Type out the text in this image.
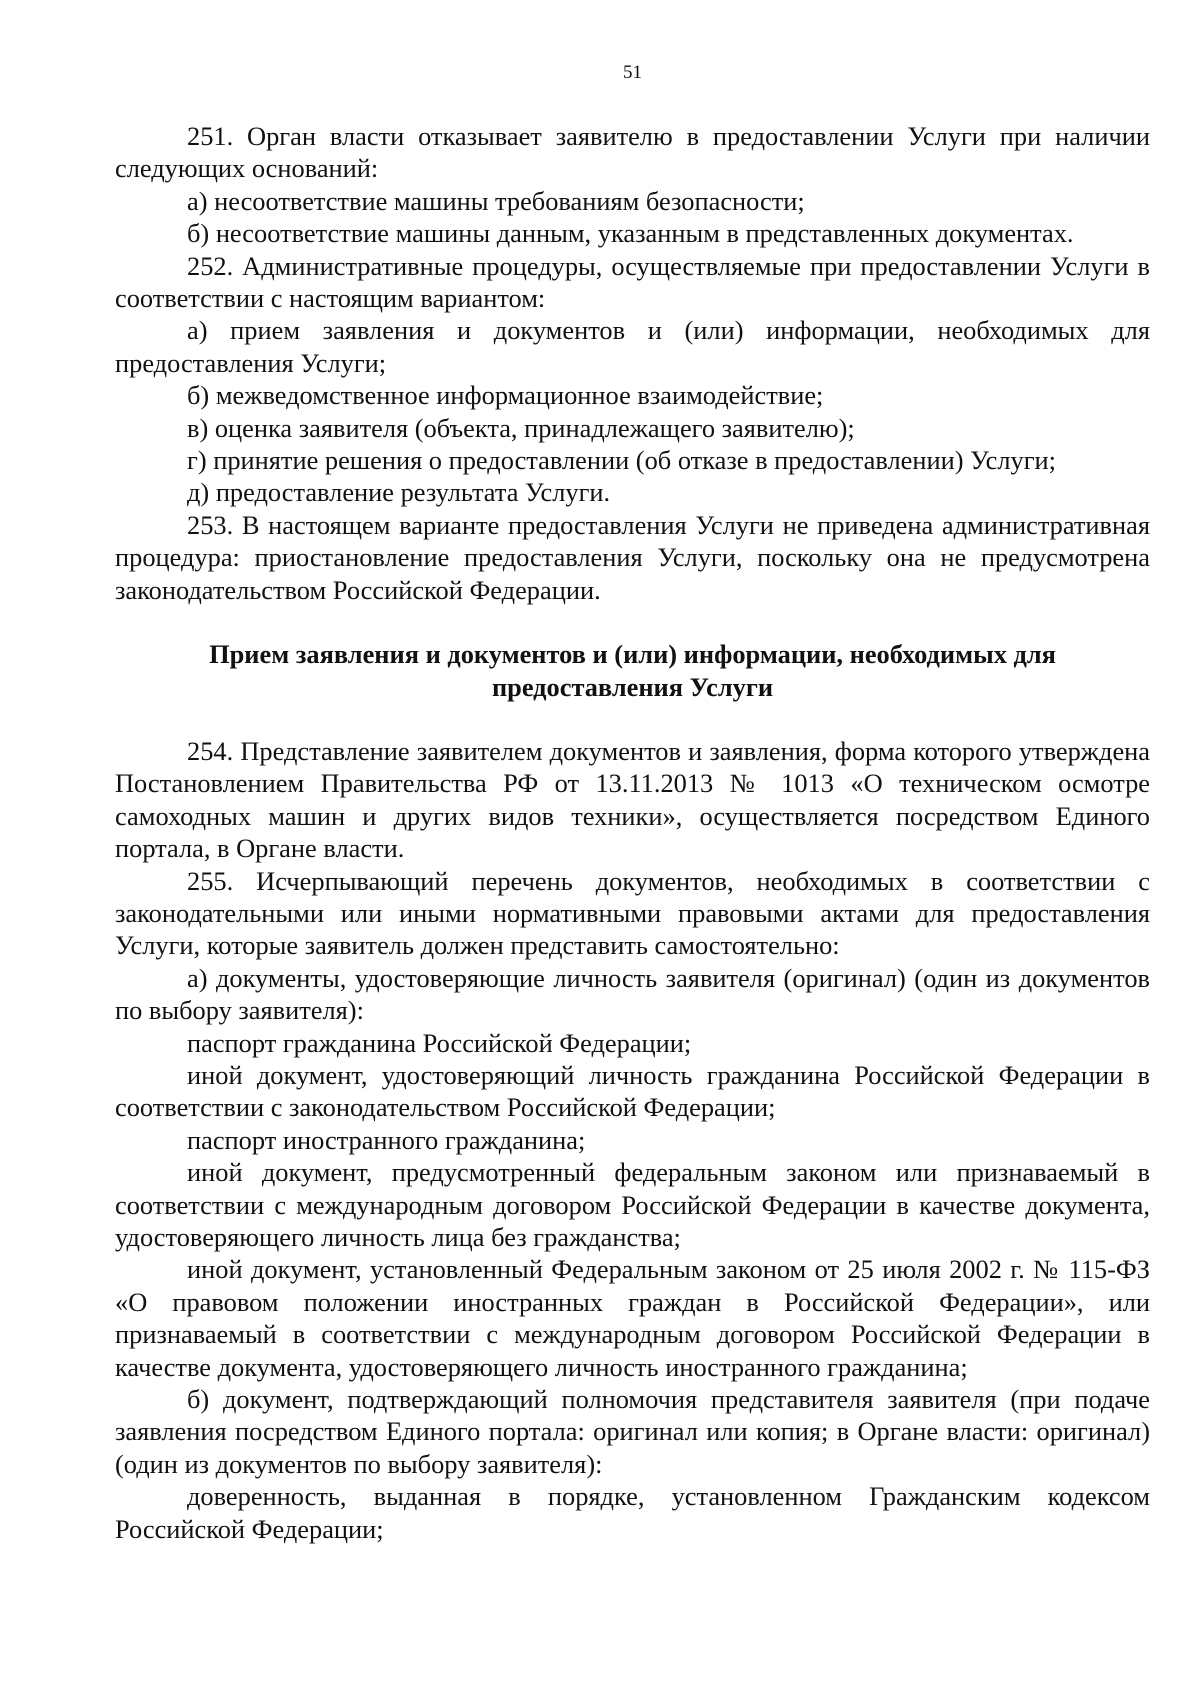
51

251. Орган власти отказывает заявителю в предоставлении Услуги при наличии следующих оснований:

а) несоответствие машины требованиям безопасности;

б) несоответствие машины данным, указанным в представленных документах.

252. Административные процедуры, осуществляемые при предоставлении Услуги в соответствии с настоящим вариантом:

а) прием заявления и документов и (или) информации, необходимых для предоставления Услуги;

б) межведомственное информационное взаимодействие;

в) оценка заявителя (объекта, принадлежащего заявителю);

г) принятие решения о предоставлении (об отказе в предоставлении) Услуги;

д) предоставление результата Услуги.

253. В настоящем варианте предоставления Услуги не приведена административная процедура: приостановление предоставления Услуги, поскольку она не предусмотрена законодательством Российской Федерации.

Прием заявления и документов и (или) информации, необходимых для
предоставления Услуги

254. Представление заявителем документов и заявления, форма которого утверждена Постановлением Правительства РФ от 13.11.2013 № 1013 «О техническом осмотре самоходных машин и других видов техники», осуществляется посредством Единого портала, в Органе власти.

255. Исчерпывающий перечень документов, необходимых в соответствии с законодательными или иными нормативными правовыми актами для предоставления Услуги, которые заявитель должен представить самостоятельно:

а) документы, удостоверяющие личность заявителя (оригинал) (один из документов по выбору заявителя):

паспорт гражданина Российской Федерации;

иной документ, удостоверяющий личность гражданина Российской Федерации в соответствии с законодательством Российской Федерации;

паспорт иностранного гражданина;

иной документ, предусмотренный федеральным законом или признаваемый в соответствии с международным договором Российской Федерации в качестве документа, удостоверяющего личность лица без гражданства;

иной документ, установленный Федеральным законом от 25 июля 2002 г. № 115-ФЗ «О правовом положении иностранных граждан в Российской Федерации», или признаваемый в соответствии с международным договором Российской Федерации в качестве документа, удостоверяющего личность иностранного гражданина;

б) документ, подтверждающий полномочия представителя заявителя (при подаче заявления посредством Единого портала: оригинал или копия; в Органе власти: оригинал) (один из документов по выбору заявителя):

доверенность, выданная в порядке, установленном Гражданским кодексом Российской Федерации;
